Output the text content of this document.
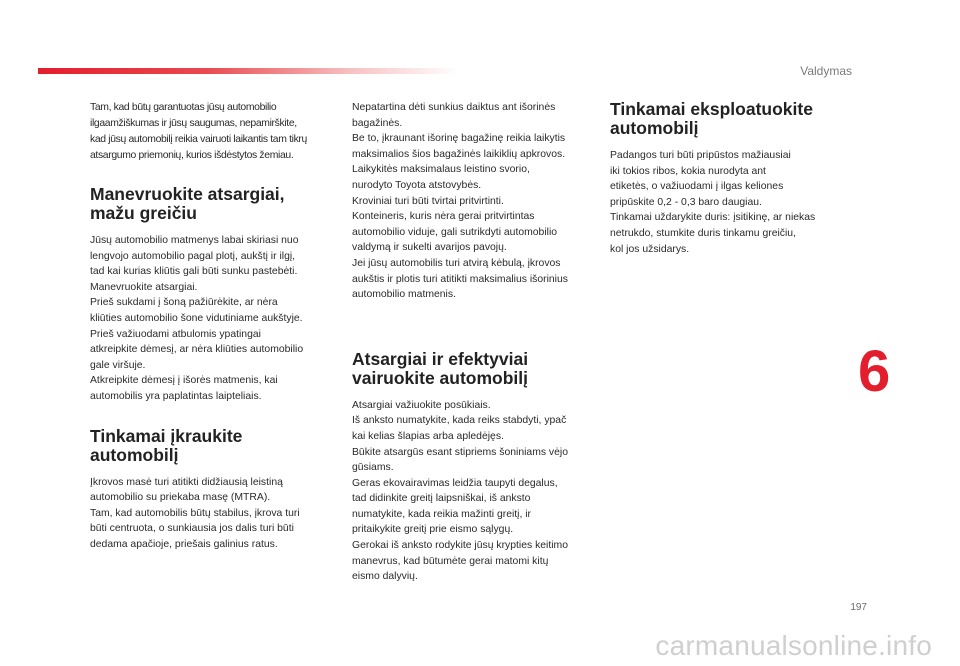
Valdymas

Tam, kad būtų garantuotas jūsų automobilio
ilgaamžiškumas ir jūsų saugumas, nepamirškite,
kad jūsų automobilį reikia vairuoti laikantis tam tikrų
atsargumo priemonių, kurios išdėstytos žemiau.

Manevruokite atsargiai,
mažu greičiu

Jūsų automobilio matmenys labai skiriasi nuo
lengvojo automobilio pagal plotį, aukštį ir ilgį,
tad kai kurias kliūtis gali būti sunku pastebėti.
Manevruokite atsargiai.
Prieš sukdami į šoną pažiūrėkite, ar nėra
kliūties automobilio šone vidutiniame aukštyje.
Prieš važiuodami atbulomis ypatingai
atkreipkite dėmesį, ar nėra kliūties automobilio
gale viršuje.
Atkreipkite dėmesį į išorės matmenis, kai
automobilis yra paplatintas laipteliais.

Tinkamai įkraukite
automobilį

Įkrovos masė turi atitikti didžiausią leistiną
automobilio su priekaba masę (MTRA).
Tam, kad automobilis būtų stabilus, įkrova turi
būti centruota, o sunkiausia jos dalis turi būti
dedama apačioje, priešais galinius ratus.

Nepatartina dėti sunkius daiktus ant išorinės
bagažinės.
Be to, įkraunant išorinę bagažinę reikia laikytis
maksimalios šios bagažinės laikiklių apkrovos.
Laikykitės maksimalaus leistino svorio,
nurodyto Toyota atstovybės.
Kroviniai turi būti tvirtai pritvirtinti.
Konteineris, kuris nėra gerai pritvirtintas
automobilio viduje, gali sutrikdyti automobilio
valdymą ir sukelti avarijos pavojų.
Jei jūsų automobilis turi atvirą kėbulą, įkrovos
aukštis ir plotis turi atitikti maksimalius išorinius
automobilio matmenis.

Atsargiai ir efektyviai
vairuokite automobilį

Atsargiai važiuokite posūkiais.
Iš anksto numatykite, kada reiks stabdyti, ypač
kai kelias šlapias arba apledėjęs.
Būkite atsargūs esant stipriems šoniniams vėjo
gūsiams.
Geras ekovairavimas leidžia taupyti degalus,
tad didinkite greitį laipsniškai, iš anksto
numatykite, kada reikia mažinti greitį, ir
pritaikykite greitį prie eismo sąlygų.
Gerokai iš anksto rodykite jūsų krypties keitimo
manevrus, kad būtumėte gerai matomi kitų
eismo dalyvių.

Tinkamai eksploatuokite
automobilį

Padangos turi būti pripūstos mažiausiai
iki tokios ribos, kokia nurodyta ant
etiketės, o važiuodami į ilgas keliones
pripūskite 0,2 - 0,3 baro daugiau.
Tinkamai uždarykite duris: įsitikinę, ar niekas
netrukdo, stumkite duris tinkamu greičiu,
kol jos užsidarys.

6
197
carmanualsonline.info
